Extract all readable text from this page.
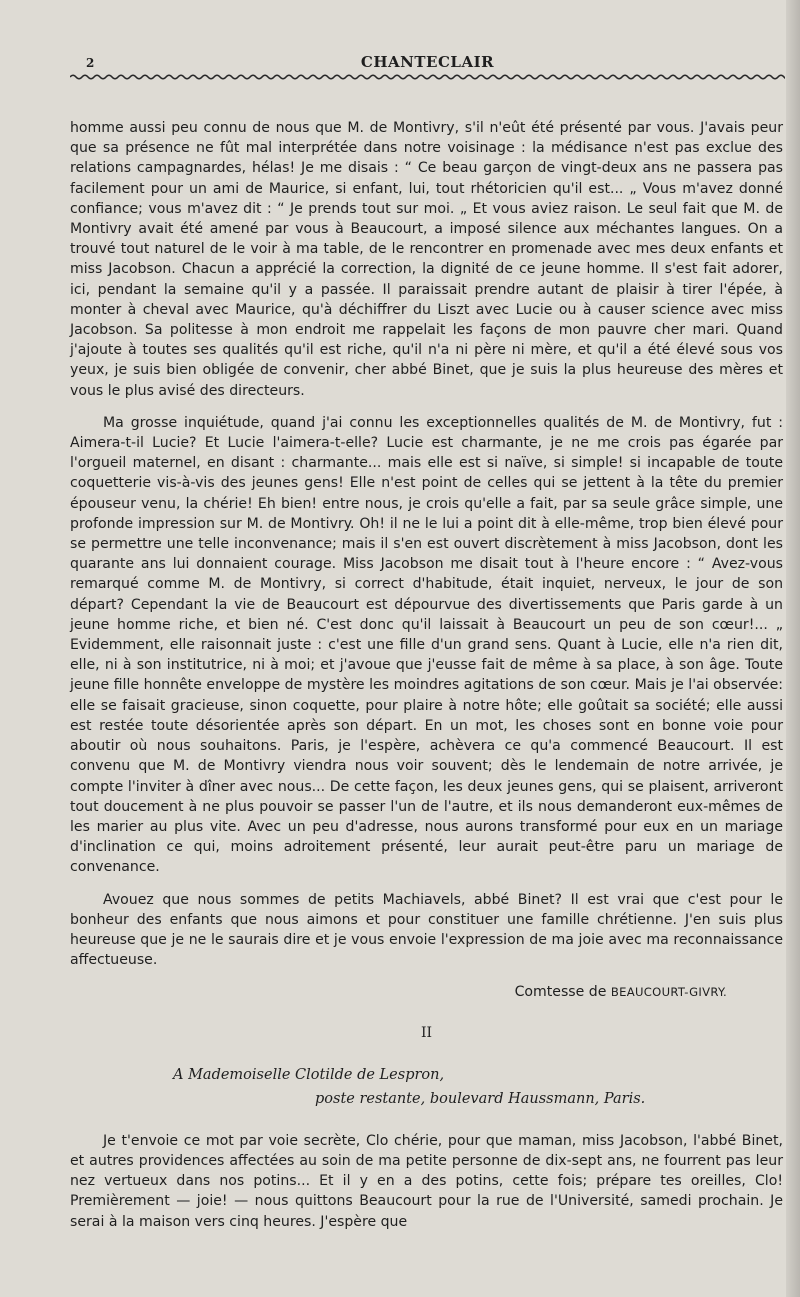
2	CHANTECLAIR

homme aussi peu connu de nous que M. de Montivry, s'il n'eût été présenté par vous. J'avais peur que sa présence ne fût mal interprétée dans notre voisinage : la médisance n'est pas exclue des relations campagnardes, hélas! Je me disais : “ Ce beau garçon de vingt-deux ans ne passera pas facilement pour un ami de Maurice, si enfant, lui, tout rhétoricien qu'il est... „ Vous m'avez donné confiance; vous m'avez dit : “ Je prends tout sur moi. „ Et vous aviez raison. Le seul fait que M. de Montivry avait été amené par vous à Beaucourt, a imposé silence aux méchantes langues. On a trouvé tout naturel de le voir à ma table, de le rencontrer en promenade avec mes deux enfants et miss Jacobson. Chacun a apprécié la correction, la dignité de ce jeune homme. Il s'est fait adorer, ici, pendant la semaine qu'il y a passée. Il paraissait prendre autant de plaisir à tirer l'épée, à monter à cheval avec Maurice, qu'à déchiffrer du Liszt avec Lucie ou à causer science avec miss Jacobson. Sa politesse à mon endroit me rappelait les façons de mon pauvre cher mari. Quand j'ajoute à toutes ses qualités qu'il est riche, qu'il n'a ni père ni mère, et qu'il a été élevé sous vos yeux, je suis bien obligée de convenir, cher abbé Binet, que je suis la plus heureuse des mères et vous le plus avisé des directeurs.

Ma grosse inquiétude, quand j'ai connu les exceptionnelles qualités de M. de Montivry, fut : Aimera-t-il Lucie? Et Lucie l'aimera-t-elle? Lucie est charmante, je ne me crois pas égarée par l'orgueil maternel, en disant : charmante... mais elle est si naïve, si simple! si incapable de toute coquetterie vis-à-vis des jeunes gens! Elle n'est point de celles qui se jettent à la tête du premier épouseur venu, la chérie! Eh bien! entre nous, je crois qu'elle a fait, par sa seule grâce simple, une profonde impression sur M. de Montivry. Oh! il ne le lui a point dit à elle-même, trop bien élevé pour se permettre une telle inconvenance; mais il s'en est ouvert discrètement à miss Jacobson, dont les quarante ans lui donnaient courage. Miss Jacobson me disait tout à l'heure encore : “ Avez-vous remarqué comme M. de Montivry, si correct d'habitude, était inquiet, nerveux, le jour de son départ? Cependant la vie de Beaucourt est dépourvue des divertissements que Paris garde à un jeune homme riche, et bien né. C'est donc qu'il laissait à Beaucourt un peu de son cœur!... „ Evidemment, elle raisonnait juste : c'est une fille d'un grand sens. Quant à Lucie, elle n'a rien dit, elle, ni à son institutrice, ni à moi; et j'avoue que j'eusse fait de même à sa place, à son âge. Toute jeune fille honnête enveloppe de mystère les moindres agitations de son cœur. Mais je l'ai observée: elle se faisait gracieuse, sinon coquette, pour plaire à notre hôte; elle goûtait sa société; elle aussi est restée toute désorientée après son départ. En un mot, les choses sont en bonne voie pour aboutir où nous souhaitons. Paris, je l'espère, achèvera ce qu'a commencé Beaucourt. Il est convenu que M. de Montivry viendra nous voir souvent; dès le lendemain de notre arrivée, je compte l'inviter à dîner avec nous... De cette façon, les deux jeunes gens, qui se plaisent, arriveront tout doucement à ne plus pouvoir se passer l'un de l'autre, et ils nous demanderont eux-mêmes de les marier au plus vite. Avec un peu d'adresse, nous aurons transformé pour eux en un mariage d'inclination ce qui, moins adroitement présenté, leur aurait peut-être paru un mariage de convenance.

Avouez que nous sommes de petits Machiavels, abbé Binet? Il est vrai que c'est pour le bonheur des enfants que nous aimons et pour constituer une famille chrétienne. J'en suis plus heureuse que je ne le saurais dire et je vous envoie l'expression de ma joie avec ma reconnaissance affectueuse.

Comtesse de BEAUCOURT-GIVRY.

II

A Mademoiselle Clotilde de Lespron,

poste restante, boulevard Haussmann, Paris.

Je t'envoie ce mot par voie secrète, Clo chérie, pour que maman, miss Jacobson, l'abbé Binet, et autres providences affectées au soin de ma petite personne de dix-sept ans, ne fourrent pas leur nez vertueux dans nos potins... Et il y en a des potins, cette fois; prépare tes oreilles, Clo! Premièrement — joie! — nous quittons Beaucourt pour la rue de l'Université, samedi prochain. Je serai à la maison vers cinq heures. J'espère que
